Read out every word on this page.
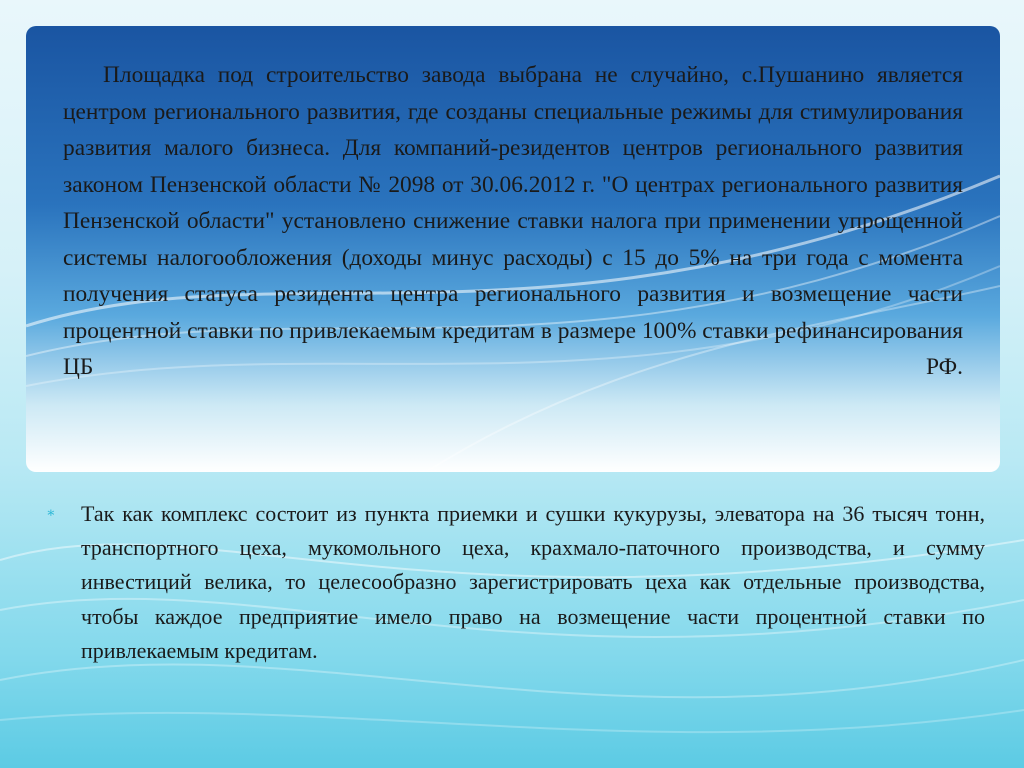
Площадка под строительство завода выбрана не случайно, с.Пушанино является центром регионального развития, где созданы специальные режимы для стимулирования развития малого бизнеса. Для компаний-резидентов центров регионального развития законом Пензенской области № 2098 от 30.06.2012 г. "О центрах регионального развития Пензенской области" установлено снижение ставки налога при применении упрощенной системы налогообложения (доходы минус расходы) с 15 до 5% на три года с момента получения статуса резидента центра регионального развития и возмещение части процентной ставки по привлекаемым кредитам в размере 100% ставки рефинансирования ЦБ РФ.

∗ Так как комплекс состоит из пункта приемки и сушки кукурузы, элеватора на 36 тысяч тонн, транспортного цеха, мукомольного цеха, крахмало-паточного производства, и сумму инвестиций велика, то целесообразно зарегистрировать цеха как отдельные производства, чтобы каждое предприятие имело право на возмещение части процентной ставки по привлекаемым кредитам.
